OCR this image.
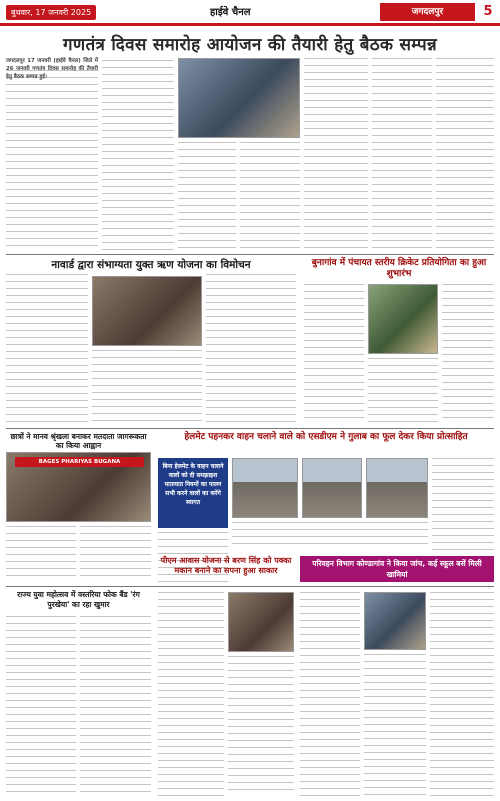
बुधवार, 17 जनवरी 2025	हाईवे चैनल	जगदलपुर	5
गणतंत्र दिवस समारोह आयोजन की तैयारी हेतु बैठक सम्पन्न
जगदलपुर 17 जनवरी (हाईवे चैनल) जिले में 26 जनवरी गणतंत्र दिवस समारोह की तैयारी हेतु बैठक सम्पन्न हुई।
नावार्ड द्वारा संभाग्यता युक्त ऋण योजना का विमोचन	बुनागांव में पंचायत स्तरीय क्रिकेट प्रतियोगिता का हुआ शुभारंभ
छात्रों ने मानव श्रृंखला बनाकर मतदाता जागरूकता का किया आह्वान
BAGES PHARIYAS BUGANA
हेलमेट पहनकर वाहन चलाने वाले को एसडीएम ने गुलाब का फूल देकर किया प्रोत्साहित
बिना हेलमेट के वाहन चलाने वालों को दी समझाइश यातायात नियमों का पालन सभी करने वालों का करेंगे स्वागत
परिवहन विभाग कोण्डागांव ने किया जांच, कई स्कूल बसें मिली खामियां
पीएम आवास योजना से बरण सिंह को पक्का मकान बनाने का सपना हुआ साकार
राज्य युवा महोत्सव में वस्तरिया फोक बैंड 'रंग पुरखेया' का रहा खुमार
